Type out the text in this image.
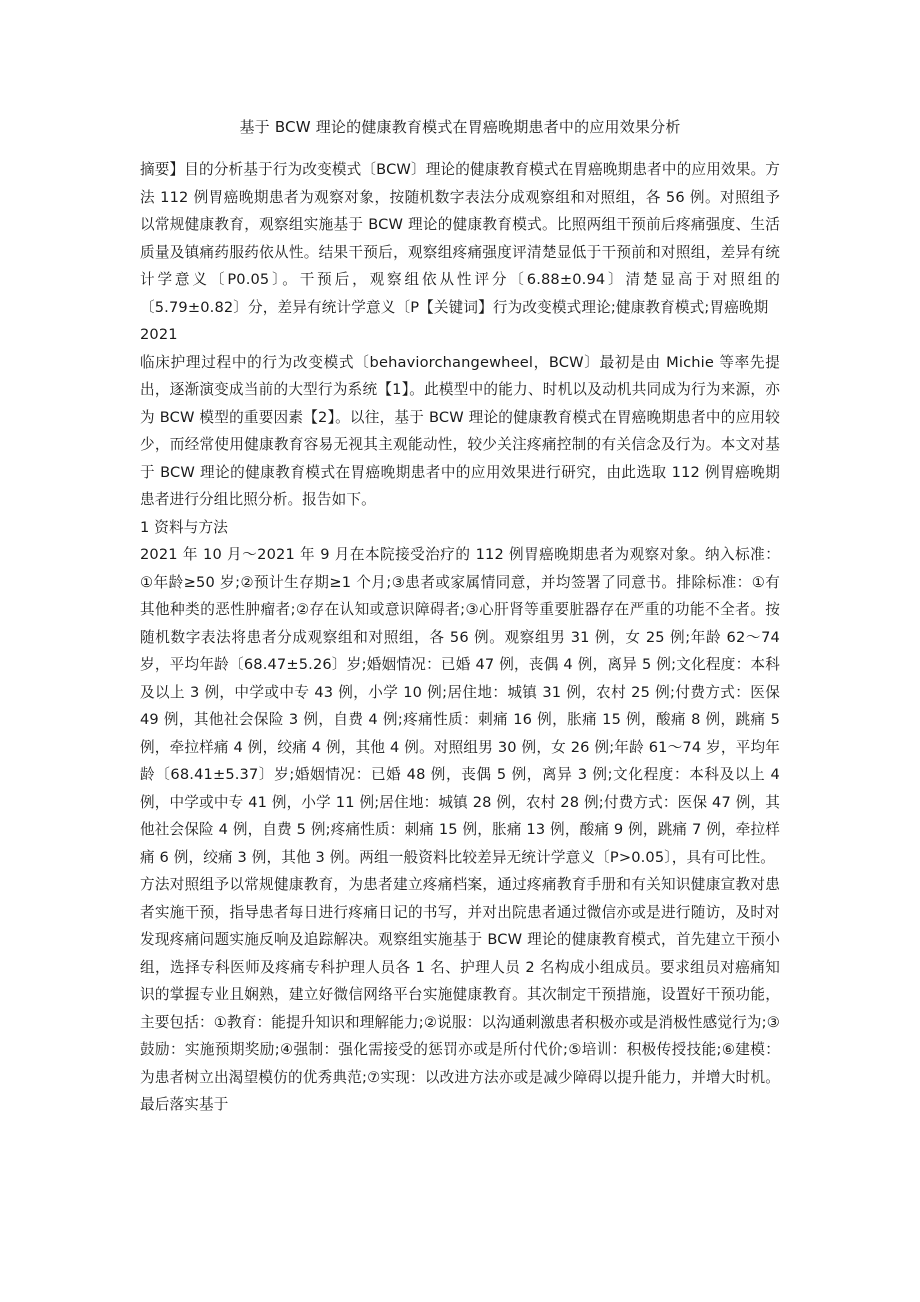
基于 BCW 理论的健康教育模式在胃癌晚期患者中的应用效果分析

摘要】目的分析基于行为改变模式〔BCW〕理论的健康教育模式在胃癌晚期患者中的应用效果。方法 112 例胃癌晚期患者为观察对象，按随机数字表法分成观察组和对照组，各 56 例。对照组予以常规健康教育，观察组实施基于 BCW 理论的健康教育模式。比照两组干预前后疼痛强度、生活质量及镇痛药服药依从性。结果干预后，观察组疼痛强度评清楚显低于干预前和对照组，差异有统计学意义〔P0.05〕。干预后，观察组依从性评分〔6.88±0.94〕清楚显高于对照组的〔5.79±0.82〕分，差异有统计学意义〔P【关键词】行为改变模式理论;健康教育模式;胃癌晚期

2021

临床护理过程中的行为改变模式〔behaviorchangewheel，BCW〕最初是由 Michie 等率先提出，逐渐演变成当前的大型行为系统【1】。此模型中的能力、时机以及动机共同成为行为来源，亦为 BCW 模型的重要因素【2】。以往，基于 BCW 理论的健康教育模式在胃癌晚期患者中的应用较少，而经常使用健康教育容易无视其主观能动性，较少关注疼痛控制的有关信念及行为。本文对基于 BCW 理论的健康教育模式在胃癌晚期患者中的应用效果进行研究，由此选取 112 例胃癌晚期患者进行分组比照分析。报告如下。

1 资料与方法

2021 年 10 月～2021 年 9 月在本院接受治疗的 112 例胃癌晚期患者为观察对象。纳入标准：①年龄≥50 岁;②预计生存期≥1 个月;③患者或家属情同意，并均签署了同意书。排除标准：①有其他种类的恶性肿瘤者;②存在认知或意识障碍者;③心肝肾等重要脏器存在严重的功能不全者。按随机数字表法将患者分成观察组和对照组，各 56 例。观察组男 31 例，女 25 例;年龄 62～74 岁，平均年龄〔68.47±5.26〕岁;婚姻情况：已婚 47 例，丧偶 4 例，离异 5 例;文化程度：本科及以上 3 例，中学或中专 43 例，小学 10 例;居住地：城镇 31 例，农村 25 例;付费方式：医保 49 例，其他社会保险 3 例，自费 4 例;疼痛性质：刺痛 16 例，胀痛 15 例，酸痛 8 例，跳痛 5 例，牵拉样痛 4 例，绞痛 4 例，其他 4 例。对照组男 30 例，女 26 例;年龄 61～74 岁，平均年龄〔68.41±5.37〕岁;婚姻情况：已婚 48 例，丧偶 5 例，离异 3 例;文化程度：本科及以上 4 例，中学或中专 41 例，小学 11 例;居住地：城镇 28 例，农村 28 例;付费方式：医保 47 例，其他社会保险 4 例，自费 5 例;疼痛性质：刺痛 15 例，胀痛 13 例，酸痛 9 例，跳痛 7 例，牵拉样痛 6 例，绞痛 3 例，其他 3 例。两组一般资料比较差异无统计学意义〔P>0.05〕，具有可比性。

方法对照组予以常规健康教育，为患者建立疼痛档案，通过疼痛教育手册和有关知识健康宣教对患者实施干预，指导患者每日进行疼痛日记的书写，并对出院患者通过微信亦或是进行随访，及时对发现疼痛问题实施反响及追踪解决。观察组实施基于 BCW 理论的健康教育模式，首先建立干预小组，选择专科医师及疼痛专科护理人员各 1 名、护理人员 2 名构成小组成员。要求组员对癌痛知识的掌握专业且娴熟，建立好微信网络平台实施健康教育。其次制定干预措施，设置好干预功能，主要包括：①教育：能提升知识和理解能力;②说服：以沟通刺激患者积极亦或是消极性感觉行为;③鼓励：实施预期奖励;④强制：强化需接受的惩罚亦或是所付代价;⑤培训：积极传授技能;⑥建模：为患者树立出渴望模仿的优秀典范;⑦实现：以改进方法亦或是减少障碍以提升能力，并增大时机。最后落实基于
